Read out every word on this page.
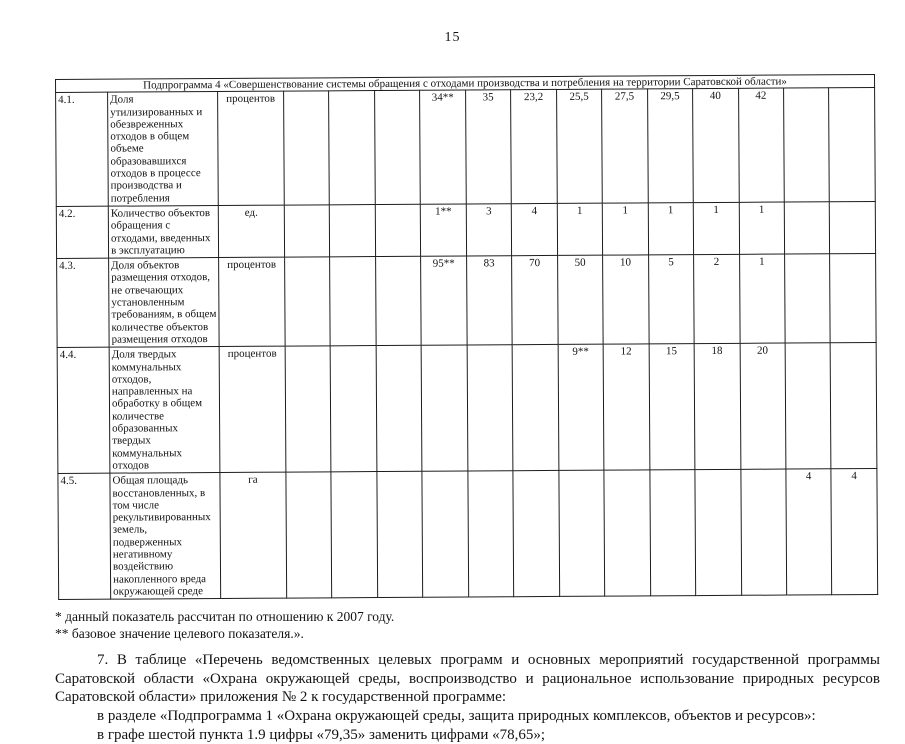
15
Подпрограмма 4 «Совершенствование системы обращения с отходами производства и потребления на территории Саратовской области»															
4.1.	Доля утилизированных и обезвреженных отходов в общем объеме образовавшихся отходов в процессе производства и потребления	процентов				34**	35	23,2	25,5	27,5	29,5	40	42		
4.2.	Количество объектов обращения с отходами, введенных в эксплуатацию	ед.				1**	3	4	1	1	1	1	1		
4.3.	Доля объектов размещения отходов, не отвечающих установленным требованиям, в общем количестве объектов размещения отходов	процентов				95**	83	70	50	10	5	2	1		
4.4.	Доля твердых коммунальных отходов, направленных на обработку в общем количестве образованных твердых коммунальных отходов	процентов							9**	12	15	18	20		
4.5.	Общая площадь восстановленных, в том числе рекультивированных земель, подверженных негативному воздействию накопленного вреда окружающей среде	га												4	4
* данный показатель рассчитан по отношению к 2007 году.
** базовое значение целевого показателя.».

7. В таблице «Перечень ведомственных целевых программ и основных мероприятий государственной программы Саратовской области «Охрана окружающей среды, воспроизводство и рациональное использование природных ресурсов Саратовской области» приложения № 2 к государственной программе:

в разделе «Подпрограмма 1 «Охрана окружающей среды, защита природных комплексов, объектов и ресурсов»:

в графе шестой пункта 1.9 цифры «79,35» заменить цифрами «78,65»;
